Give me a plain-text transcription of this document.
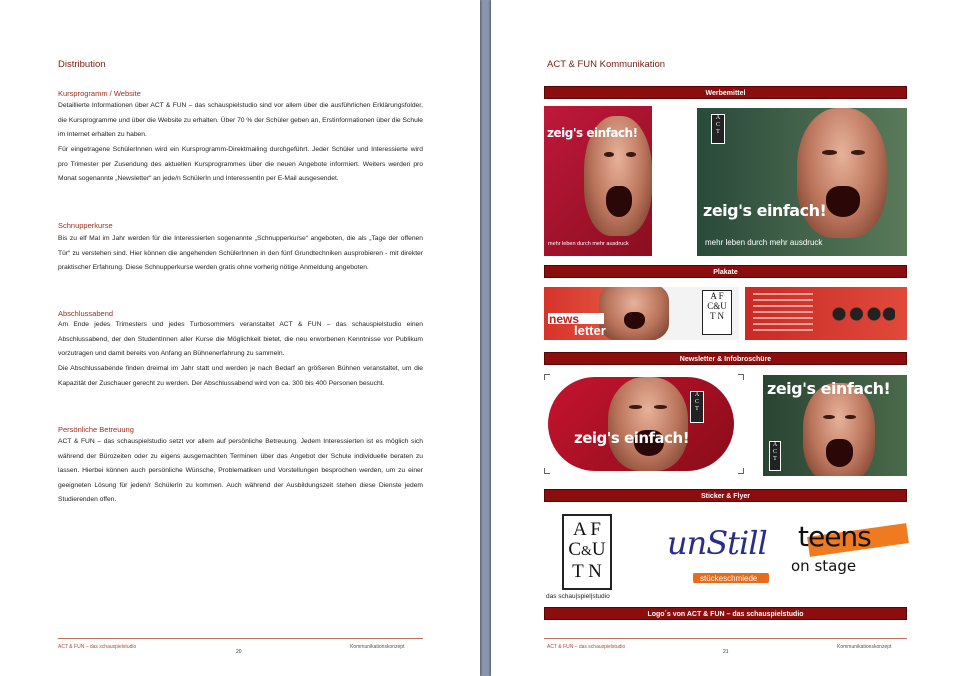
Distribution
Kursprogramm / Website
Detaillierte Informationen über ACT & FUN – das schauspielstudio sind vor allem über die ausführlichen Erklärungsfolder, die Kursprogramme und über die Website zu erhalten. Über 70 % der Schüler geben an, Erstinformationen über die Schule im Internet erhalten zu haben.
Für eingetragene SchülerInnen wird ein Kursprogramm-Direktmailing durchgeführt. Jeder Schüler und Interessierte wird pro Trimester per Zusendung des aktuellen Kursprogrammes über die neuen Angebote informiert. Weiters werden pro Monat sogenannte „Newsletter“ an jede/n SchülerIn und InteressentIn per E-Mail ausgesendet.
Schnupperkurse
Bis zu elf Mal im Jahr werden für die Interessierten sogenannte „Schnupperkurse“ angeboten, die als „Tage der offenen Tür“ zu verstehen sind. Hier können die angehenden SchülerInnen in den fünf Grundtechniken ausprobieren - mit direkter praktischer Erfahrung. Diese Schnupperkurse werden gratis ohne vorherig nötige Anmeldung angeboten.
Abschlussabend
Am Ende jedes Trimesters und jedes Turbosommers veranstaltet ACT & FUN – das schauspielstudio einen Abschlussabend, der den StudentInnen aller Kurse die Möglichkeit bietet, die neu erworbenen Kenntnisse vor Publikum vorzutragen und damit bereits von Anfang an Bühnenerfahrung zu sammeln.
Die Abschlussabende finden dreimal im Jahr statt und werden je nach Bedarf an größeren Bühnen veranstaltet, um die Kapazität der Zuschauer gerecht zu werden. Der Abschlussabend wird von ca. 300 bis 400 Personen besucht.
Persönliche Betreuung
ACT & FUN – das schauspielstudio setzt vor allem auf persönliche Betreuung. Jedem Interessierten ist es möglich sich während der Bürozeiten oder zu eigens ausgemachten Terminen über das Angebot der Schule individuelle beraten zu lassen. Hierbei können auch persönliche Wünsche, Problematiken und Vorstellungen besprochen werden, um zu einer geeigneten Lösung für jeden/r SchülerIn zu kommen. Auch während der Ausbildungszeit stehen diese Dienste jedem Studierenden offen.
ACT & FUN – das schauspielstudio
20
Kommunikationskonzept
ACT & FUN Kommunikation
Werbemittel
zeig's einfach!
mehr leben durch mehr ausdruck
zeig's einfach!
mehr leben durch mehr ausdruck
A
C
T
Plakate
news
letter
A F
C&U
T N
Newsletter & Infobroschüre
zeig's einfach!
A
C
T
zeig's einfach!
A
C
T
Sticker & Flyer
A F
C&U
T N
das schau|spiel|studio
unStill
stückeschmiede
teens
on stage
Logo´s von ACT & FUN – das schauspielstudio
ACT & FUN – das schauspielstudio
21
Kommunikationskonzept
